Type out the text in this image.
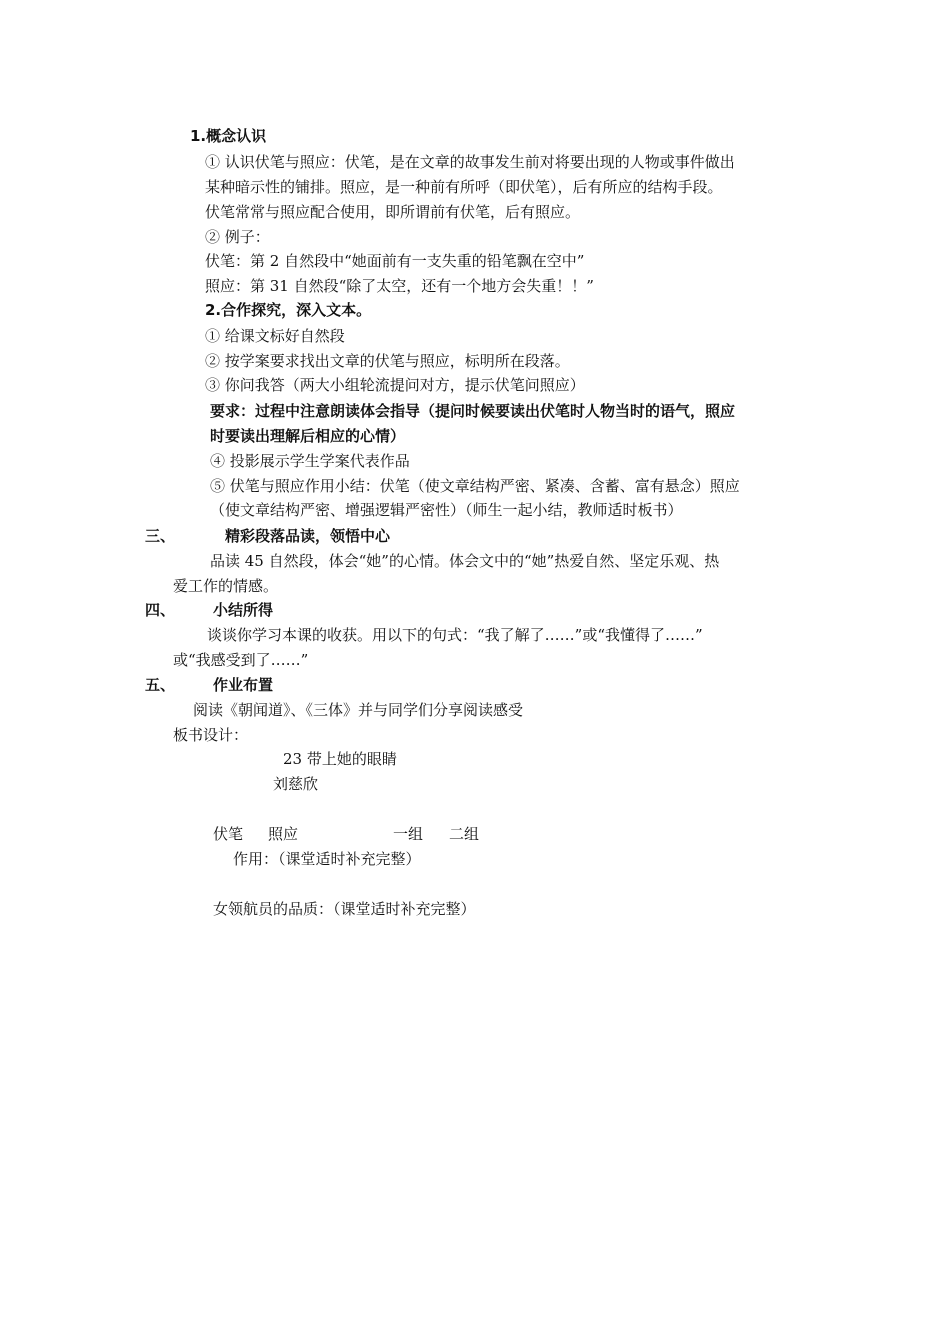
1.概念认识
① 认识伏笔与照应：伏笔，是在文章的故事发生前对将要出现的人物或事件做出
某种暗示性的铺排。照应，是一种前有所呼（即伏笔），后有所应的结构手段。
伏笔常常与照应配合使用，即所谓前有伏笔，后有照应。
② 例子：
伏笔：第 2 自然段中“她面前有一支失重的铅笔飘在空中”
照应：第 31 自然段“除了太空，还有一个地方会失重！！”
2.合作探究，深入文本。
① 给课文标好自然段
② 按学案要求找出文章的伏笔与照应，标明所在段落。
③ 你问我答（两大小组轮流提问对方，提示伏笔问照应）
要求：过程中注意朗读体会指导（提问时候要读出伏笔时人物当时的语气，照应
时要读出理解后相应的心情）
④ 投影展示学生学案代表作品
⑤ 伏笔与照应作用小结：伏笔（使文章结构严密、紧凑、含蓄、富有悬念）照应
（使文章结构严密、增强逻辑严密性）（师生一起小结，教师适时板书）
三、	精彩段落品读，领悟中心
品读 45 自然段，体会“她”的心情。体会文中的“她”热爱自然、坚定乐观、热
爱工作的情感。
四、	小结所得
谈谈你学习本课的收获。用以下的句式：“我了解了……”或“我懂得了……”
或“我感受到了……”
五、	作业布置
阅读《朝闻道》、《三体》并与同学们分享阅读感受
板书设计：
23 带上她的眼睛
刘慈欣
伏笔 照应	一组 二组
作用：（课堂适时补充完整）
女领航员的品质：（课堂适时补充完整）
